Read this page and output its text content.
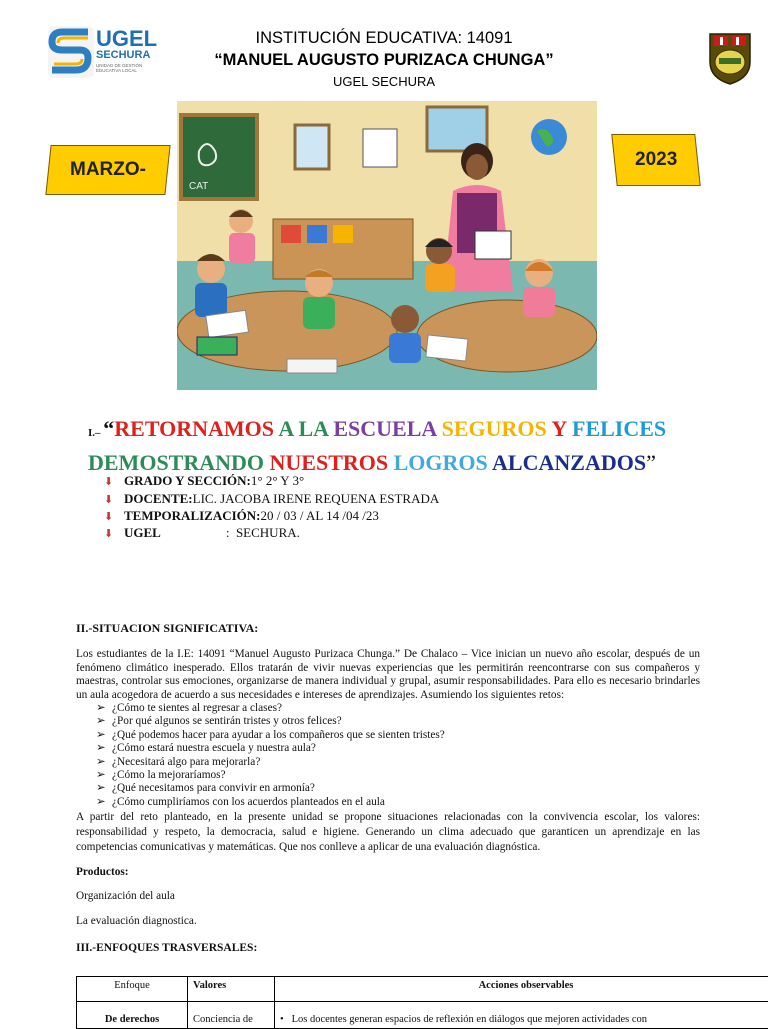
UGEL
SECHURA
UNIDAD DE GESTIÓN EDUCATIVA LOCAL
INSTITUCIÓN EDUCATIVA: 14091
“MANUEL AUGUSTO PURIZACA CHUNGA”
UGEL SECHURA
CAT
MARZO-	2023
I.– “RETORNAMOS A LA ESCUELA SEGUROS Y FELICES
DEMOSTRANDO NUESTROS LOGROS ALCANZADOS”
⬇ GRADO Y SECCIÓN: 1° 2° Y 3°
⬇ DOCENTE: LIC. JACOBA IRENE REQUENA ESTRADA
⬇ TEMPORALIZACIÓN: 20 / 03 / AL 14 /04 /23
⬇ UGEL :  SECHURA.
II.-SITUACION SIGNIFICATIVA:
Los estudiantes de la I.E: 14091 “Manuel Augusto Purizaca Chunga.” De Chalaco – Vice inician un nuevo año escolar, después de un fenómeno climático inesperado. Ellos tratarán de vivir nuevas experiencias que les permitirán reencontrarse con sus compañeros y maestras, controlar sus emociones, organizarse de manera individual y grupal, asumir responsabilidades. Para ello es necesario brindarles un aula acogedora de acuerdo a sus necesidades e intereses de aprendizajes. Asumiendo los siguientes retos:
➢ ¿Cómo te sientes al regresar a clases?
➢ ¿Por qué algunos se sentirán tristes y otros felices?
➢ ¿Qué podemos hacer para ayudar a los compañeros que se sienten tristes?
➢ ¿Cómo estará nuestra escuela y nuestra aula?
➢ ¿Necesitará algo para mejorarla?
➢ ¿Cómo la mejoraríamos?
➢ ¿Qué necesitamos para convivir en armonía?
➢ ¿Cómo cumpliríamos con los acuerdos planteados en el aula
A partir del reto planteado, en la presente unidad se propone situaciones relacionadas con la convivencia escolar, los valores: responsabilidad y respeto, la democracia, salud e higiene. Generando un clima adecuado que garanticen un aprendizaje en las competencias comunicativas y matemáticas. Que nos conlleve a aplicar de una evaluación diagnóstica.
Productos:
Organización del aula
La evaluación diagnostica.
III.-ENFOQUES TRASVERSALES:
Enfoque	Valores	Acciones observables
De derechos	Conciencia de	•   Los docentes generan espacios de reflexión en diálogos que mejoren actividades con
